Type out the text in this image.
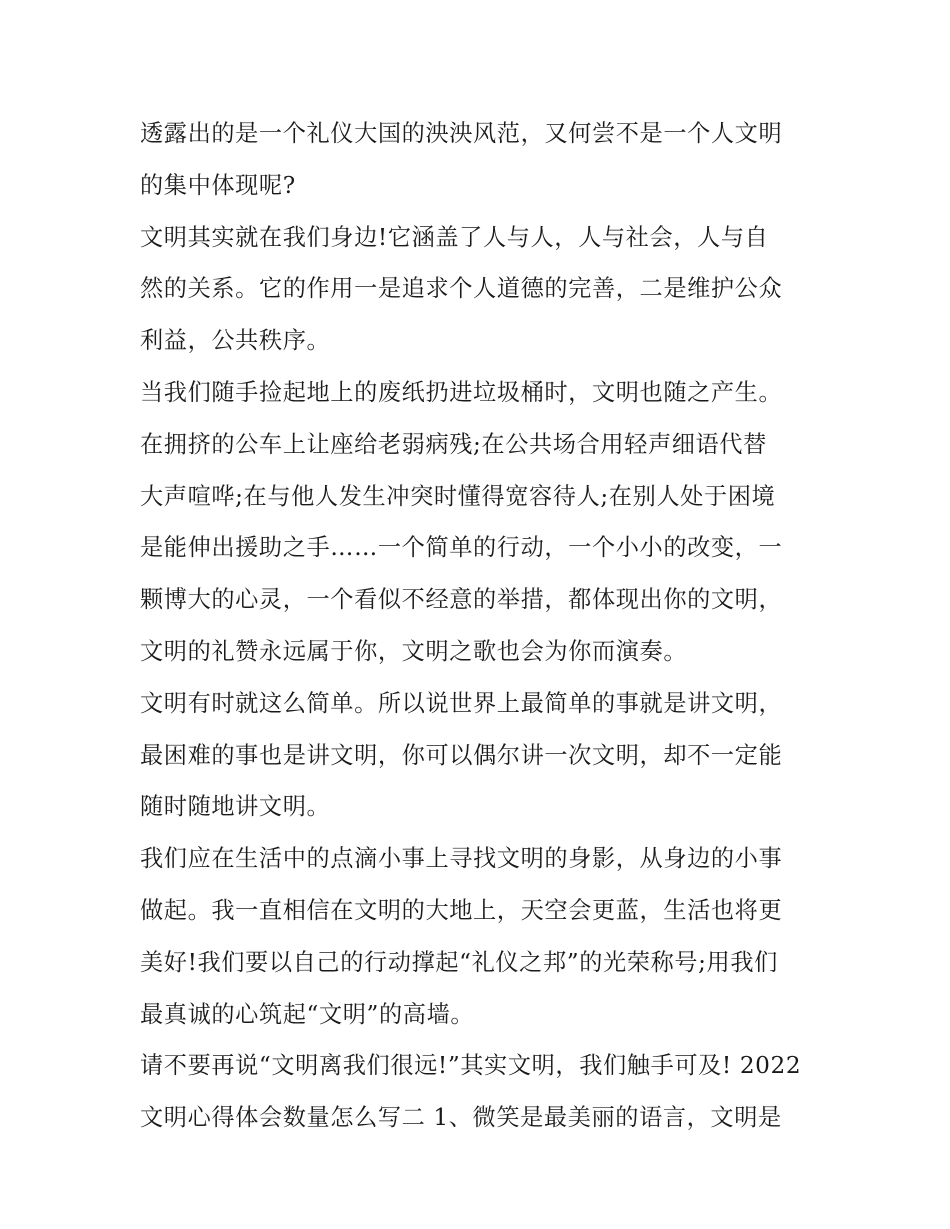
透露出的是一个礼仪大国的泱泱风范，又何尝不是一个人文明
的集中体现呢?
文明其实就在我们身边!它涵盖了人与人，人与社会，人与自
然的关系。它的作用一是追求个人道德的完善，二是维护公众
利益，公共秩序。
当我们随手捡起地上的废纸扔进垃圾桶时，文明也随之产生。
在拥挤的公车上让座给老弱病残;在公共场合用轻声细语代替
大声喧哗;在与他人发生冲突时懂得宽容待人;在别人处于困境
是能伸出援助之手……一个简单的行动，一个小小的改变，一
颗博大的心灵，一个看似不经意的举措，都体现出你的文明，
文明的礼赞永远属于你，文明之歌也会为你而演奏。
文明有时就这么简单。所以说世界上最简单的事就是讲文明，
最困难的事也是讲文明，你可以偶尔讲一次文明，却不一定能
随时随地讲文明。
我们应在生活中的点滴小事上寻找文明的身影，从身边的小事
做起。我一直相信在文明的大地上，天空会更蓝，生活也将更
美好!我们要以自己的行动撑起“礼仪之邦”的光荣称号;用我们
最真诚的心筑起“文明”的高墙。
请不要再说“文明离我们很远!”其实文明，我们触手可及! 2022
文明心得体会数量怎么写二 1、微笑是最美丽的语言，文明是
